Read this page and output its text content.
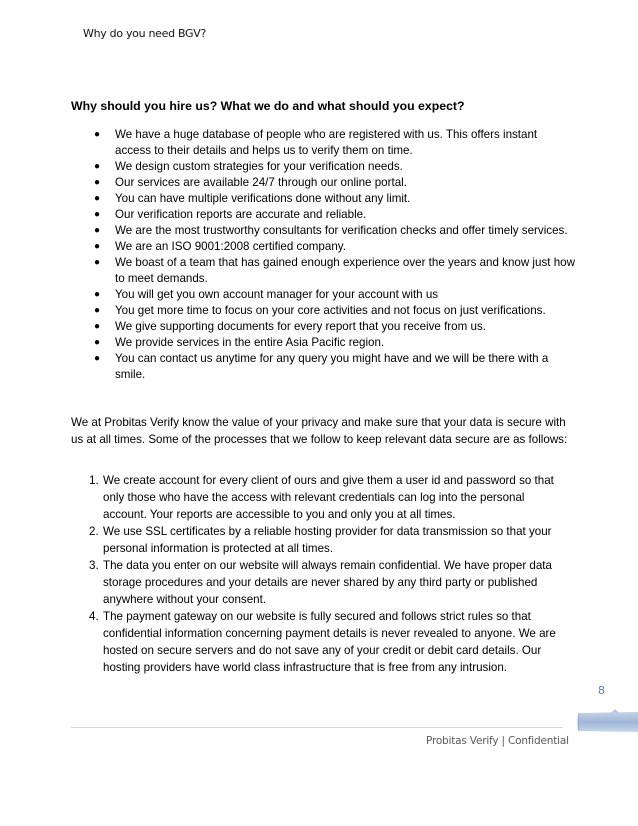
Why do you need BGV?
Why should you hire us? What we do and what should you expect?
● We have a huge database of people who are registered with us. This offers instant access to their details and helps us to verify them on time.
● We design custom strategies for your verification needs.
● Our services are available 24/7 through our online portal.
● You can have multiple verifications done without any limit.
● Our verification reports are accurate and reliable.
● We are the most trustworthy consultants for verification checks and offer timely services.
● We are an ISO 9001:2008 certified company.
● We boast of a team that has gained enough experience over the years and know just how to meet demands.
● You will get you own account manager for your account with us
● You get more time to focus on your core activities and not focus on just verifications.
● We give supporting documents for every report that you receive from us.
● We provide services in the entire Asia Pacific region.
● You can contact us anytime for any query you might have and we will be there with a smile.

We at Probitas Verify know the value of your privacy and make sure that your data is secure with us at all times. Some of the processes that we follow to keep relevant data secure are as follows:

1. We create account for every client of ours and give them a user id and password so that only those who have the access with relevant credentials can log into the personal account. Your reports are accessible to you and only you at all times.
2. We use SSL certificates by a reliable hosting provider for data transmission so that your personal information is protected at all times.
3. The data you enter on our website will always remain confidential. We have proper data storage procedures and your details are never shared by any third party or published anywhere without your consent.
4. The payment gateway on our website is fully secured and follows strict rules so that confidential information concerning payment details is never revealed to anyone. We are hosted on secure servers and do not save any of your credit or debit card details. Our hosting providers have world class infrastructure that is free from any intrusion.
8
Probitas Verify | Confidential
